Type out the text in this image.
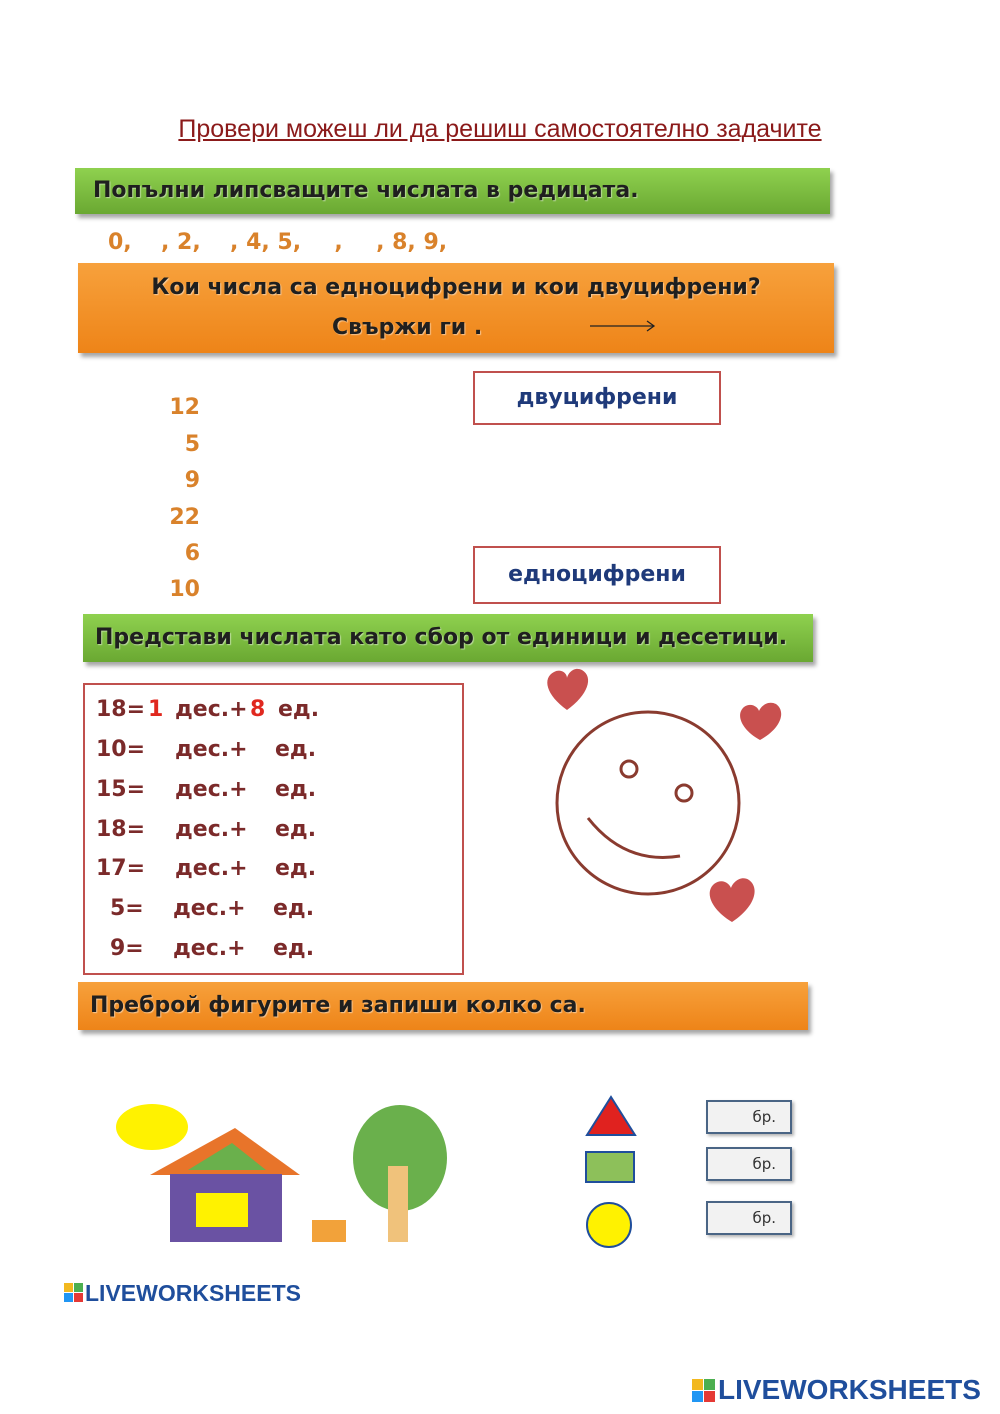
Провери можеш ли да решиш самостоятелно задачите
Попълни липсващите числата в редицата.
0, , 2, , 4, 5, , , 8, 9,
Кои числа са едноцифрени и кои двуцифрени?
Свържи ги .
12
5
9
22
6
10
двуцифрени
едноцифрени
Представи числата като сбор от единици и десетици.
18= 1 дес.+ 8 ед.
10= дес.+ ед.
15= дес.+ ед.
18= дес.+ ед.
17= дес.+ ед.
5= дес.+ ед.
9= дес.+ ед.
Преброй фигурите и запиши колко са.
бр.
бр.
бр.
LIVEWORKSHEETS
LIVEWORKSHEETS
